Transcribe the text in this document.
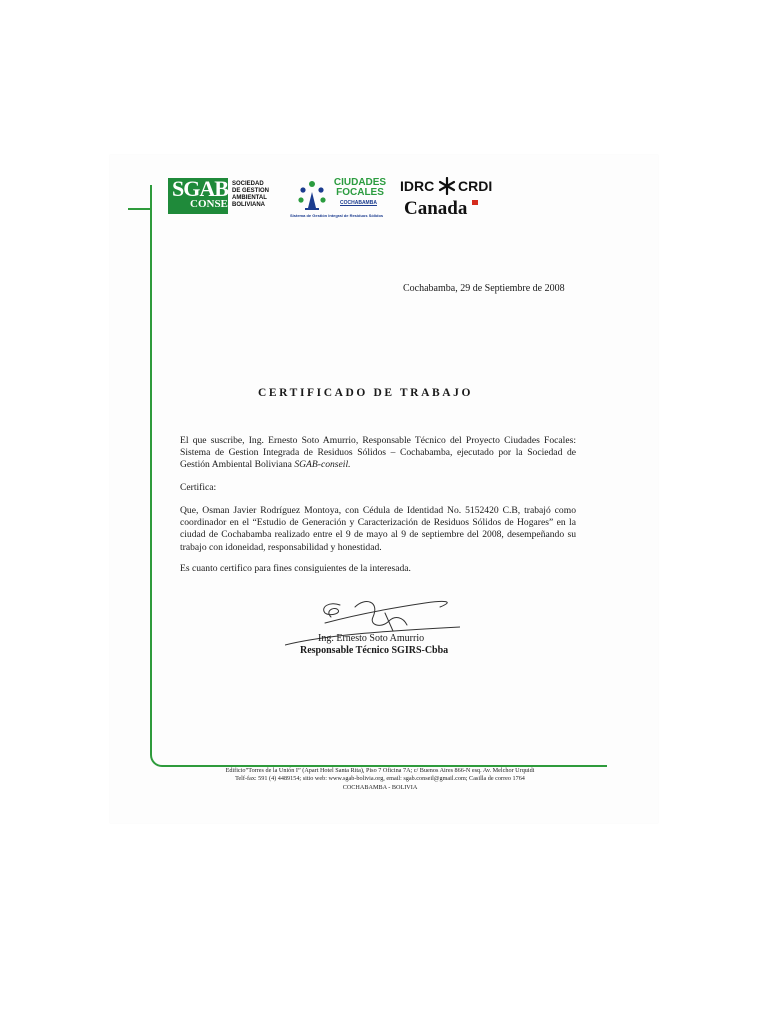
SGAB
CONSEIL
SOCIEDAD
DE GESTION
AMBIENTAL
BOLIVIANA
CIUDADES
FOCALES
COCHABAMBA
Sistema de Gestión Integral de Residuos Sólidos
IDRC CRDI
Canada
Cochabamba, 29 de Septiembre de 2008
CERTIFICADO DE TRABAJO
El que suscribe, Ing. Ernesto Soto Amurrio, Responsable Técnico del Proyecto Ciudades Focales: Sistema de Gestion Integrada de Residuos Sólidos – Cochabamba, ejecutado por la Sociedad de Gestión Ambiental Boliviana SGAB-conseil.
Certifica:
Que, Osman Javier Rodríguez Montoya, con Cédula de Identidad No. 5152420 C.B, trabajó como coordinador en el “Estudio de Generación y Caracterización de Residuos Sólidos de Hogares” en la ciudad de Cochabamba realizado entre el 9 de mayo al 9 de septiembre del 2008, desempeñando su trabajo con idoneidad, responsabilidad y honestidad.
Es cuanto certifico para fines consiguientes de la interesada.
Ing. Ernesto Soto Amurrio
Responsable Técnico SGIRS-Cbba
Edificio”Torres de la Unión I” (Apart Hotel Santa Rita), Piso 7 Oficina 7A; c/ Buenos Aires 866-N esq. Av. Melchor Urquidi
Telf-fax: 591 (4) 4489154; sitio web: www.sgab-bolivia.org, email: sgab.conseil@gmail.com; Casilla de correo 1764
COCHABAMBA - BOLIVIA
